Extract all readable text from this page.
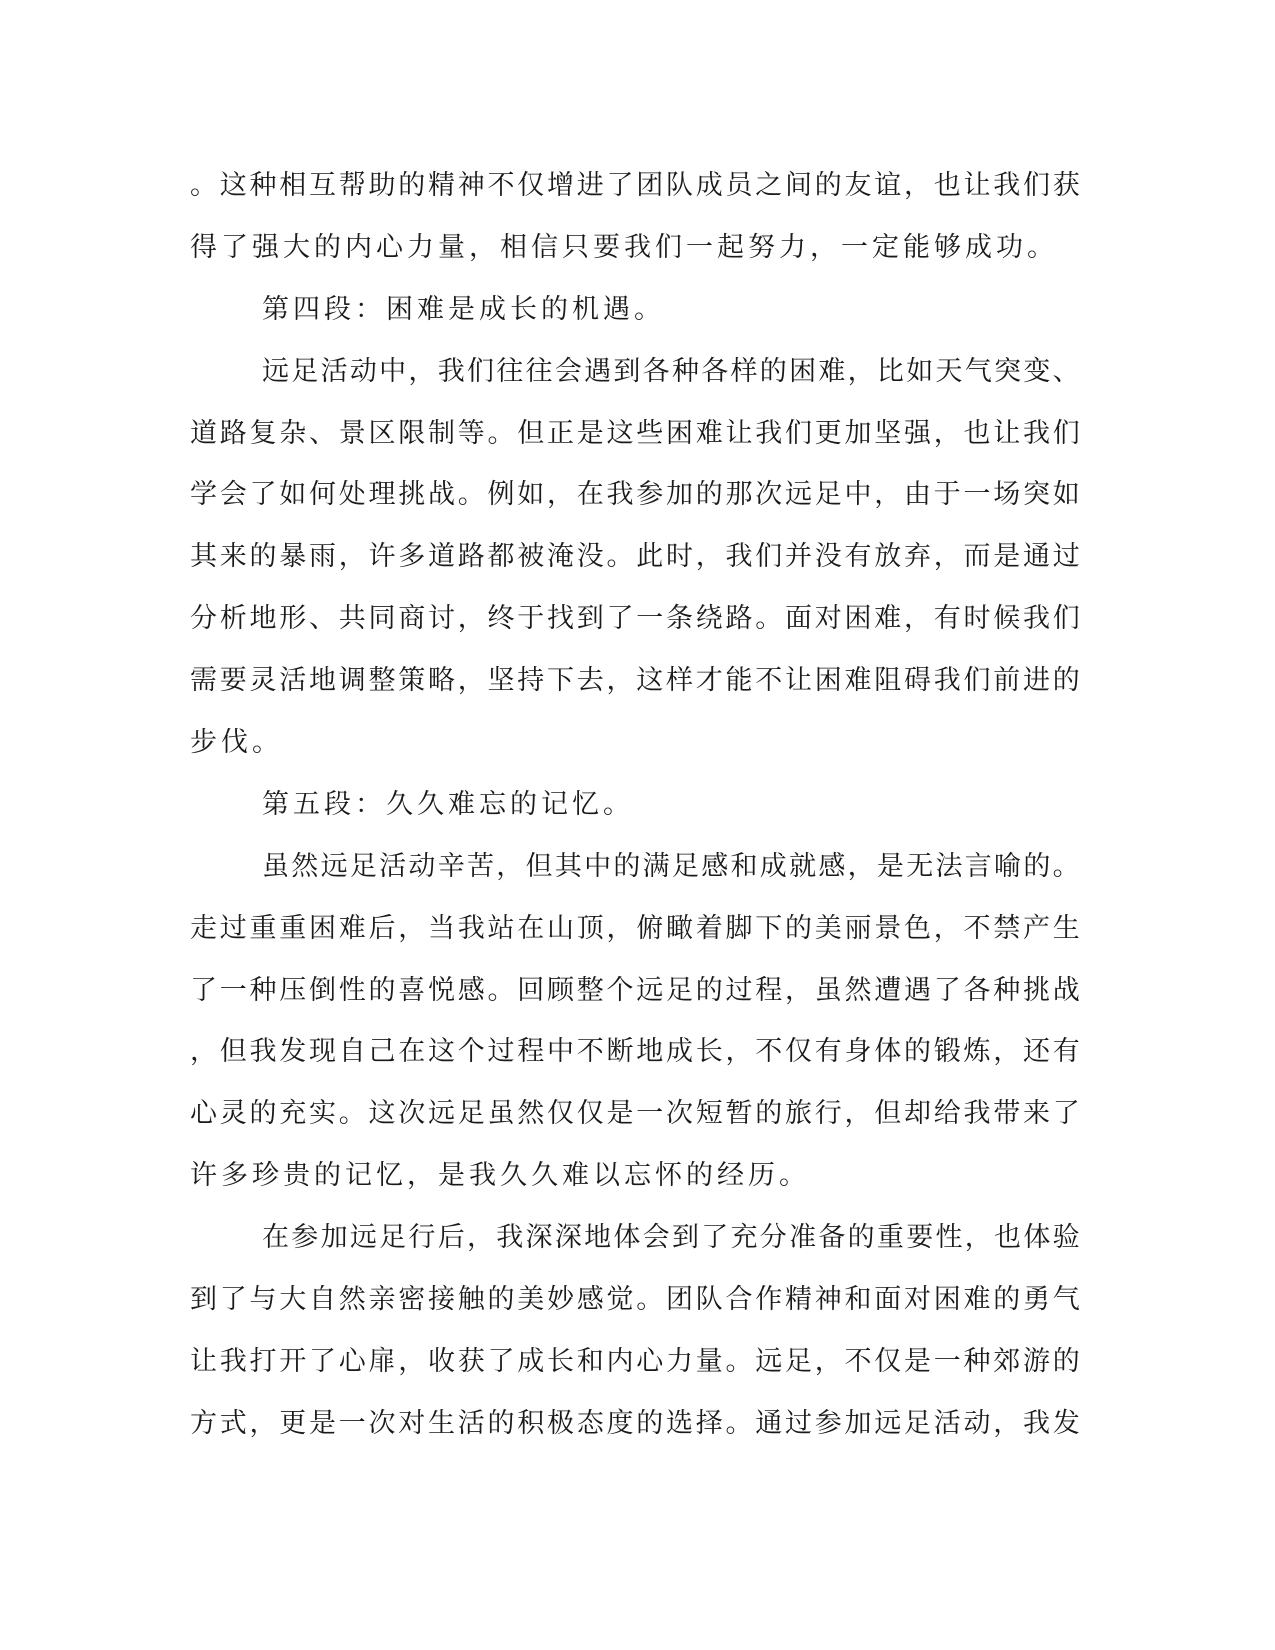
。 这 种 相 互 帮 助 的 精 神 不 仅 增 进 了 团 队 成 员 之 间 的 友 谊 ， 也 让 我 们 获
得了强大的内心力量，相信只要我们一起努力，一定能够成功。
第四段：困难是成长的机遇。
远 足 活 动 中 ， 我 们 往 往 会 遇 到 各 种 各 样 的 困 难 ， 比 如 天 气 突 变 、
道 路 复 杂 、 景 区 限 制 等 。 但 正 是 这 些 困 难 让 我 们 更 加 坚 强 ， 也 让 我 们
学 会 了 如 何 处 理 挑 战 。 例 如 ， 在 我 参 加 的 那 次 远 足 中 ， 由 于 一 场 突 如
其 来 的 暴 雨 ， 许 多 道 路 都 被 淹 没 。 此 时 ， 我 们 并 没 有 放 弃 ， 而 是 通 过
分 析 地 形 、 共 同 商 讨 ， 终 于 找 到 了 一 条 绕 路 。 面 对 困 难 ， 有 时 候 我 们
需 要 灵 活 地 调 整 策 略 ， 坚 持 下 去 ， 这 样 才 能 不 让 困 难 阻 碍 我 们 前 进 的
步伐。
第五段：久久难忘的记忆。
虽 然 远 足 活 动 辛 苦 ， 但 其 中 的 满 足 感 和 成 就 感 ， 是 无 法 言 喻 的 。
走 过 重 重 困 难 后 ， 当 我 站 在 山 顶 ， 俯 瞰 着 脚 下 的 美 丽 景 色 ， 不 禁 产 生
了 一 种 压 倒 性 的 喜 悦 感 。 回 顾 整 个 远 足 的 过 程 ， 虽 然 遭 遇 了 各 种 挑 战
， 但 我 发 现 自 己 在 这 个 过 程 中 不 断 地 成 长 ， 不 仅 有 身 体 的 锻 炼 ， 还 有
心 灵 的 充 实 。 这 次 远 足 虽 然 仅 仅 是 一 次 短 暂 的 旅 行 ， 但 却 给 我 带 来 了
许多珍贵的记忆，是我久久难以忘怀的经历。
在 参 加 远 足 行 后 ， 我 深 深 地 体 会 到 了 充 分 准 备 的 重 要 性 ， 也 体 验
到 了 与 大 自 然 亲 密 接 触 的 美 妙 感 觉 。 团 队 合 作 精 神 和 面 对 困 难 的 勇 气
让 我 打 开 了 心 扉 ， 收 获 了 成 长 和 内 心 力 量 。 远 足 ， 不 仅 是 一 种 郊 游 的
方 式 ， 更 是 一 次 对 生 活 的 积 极 态 度 的 选 择 。 通 过 参 加 远 足 活 动 ， 我 发
